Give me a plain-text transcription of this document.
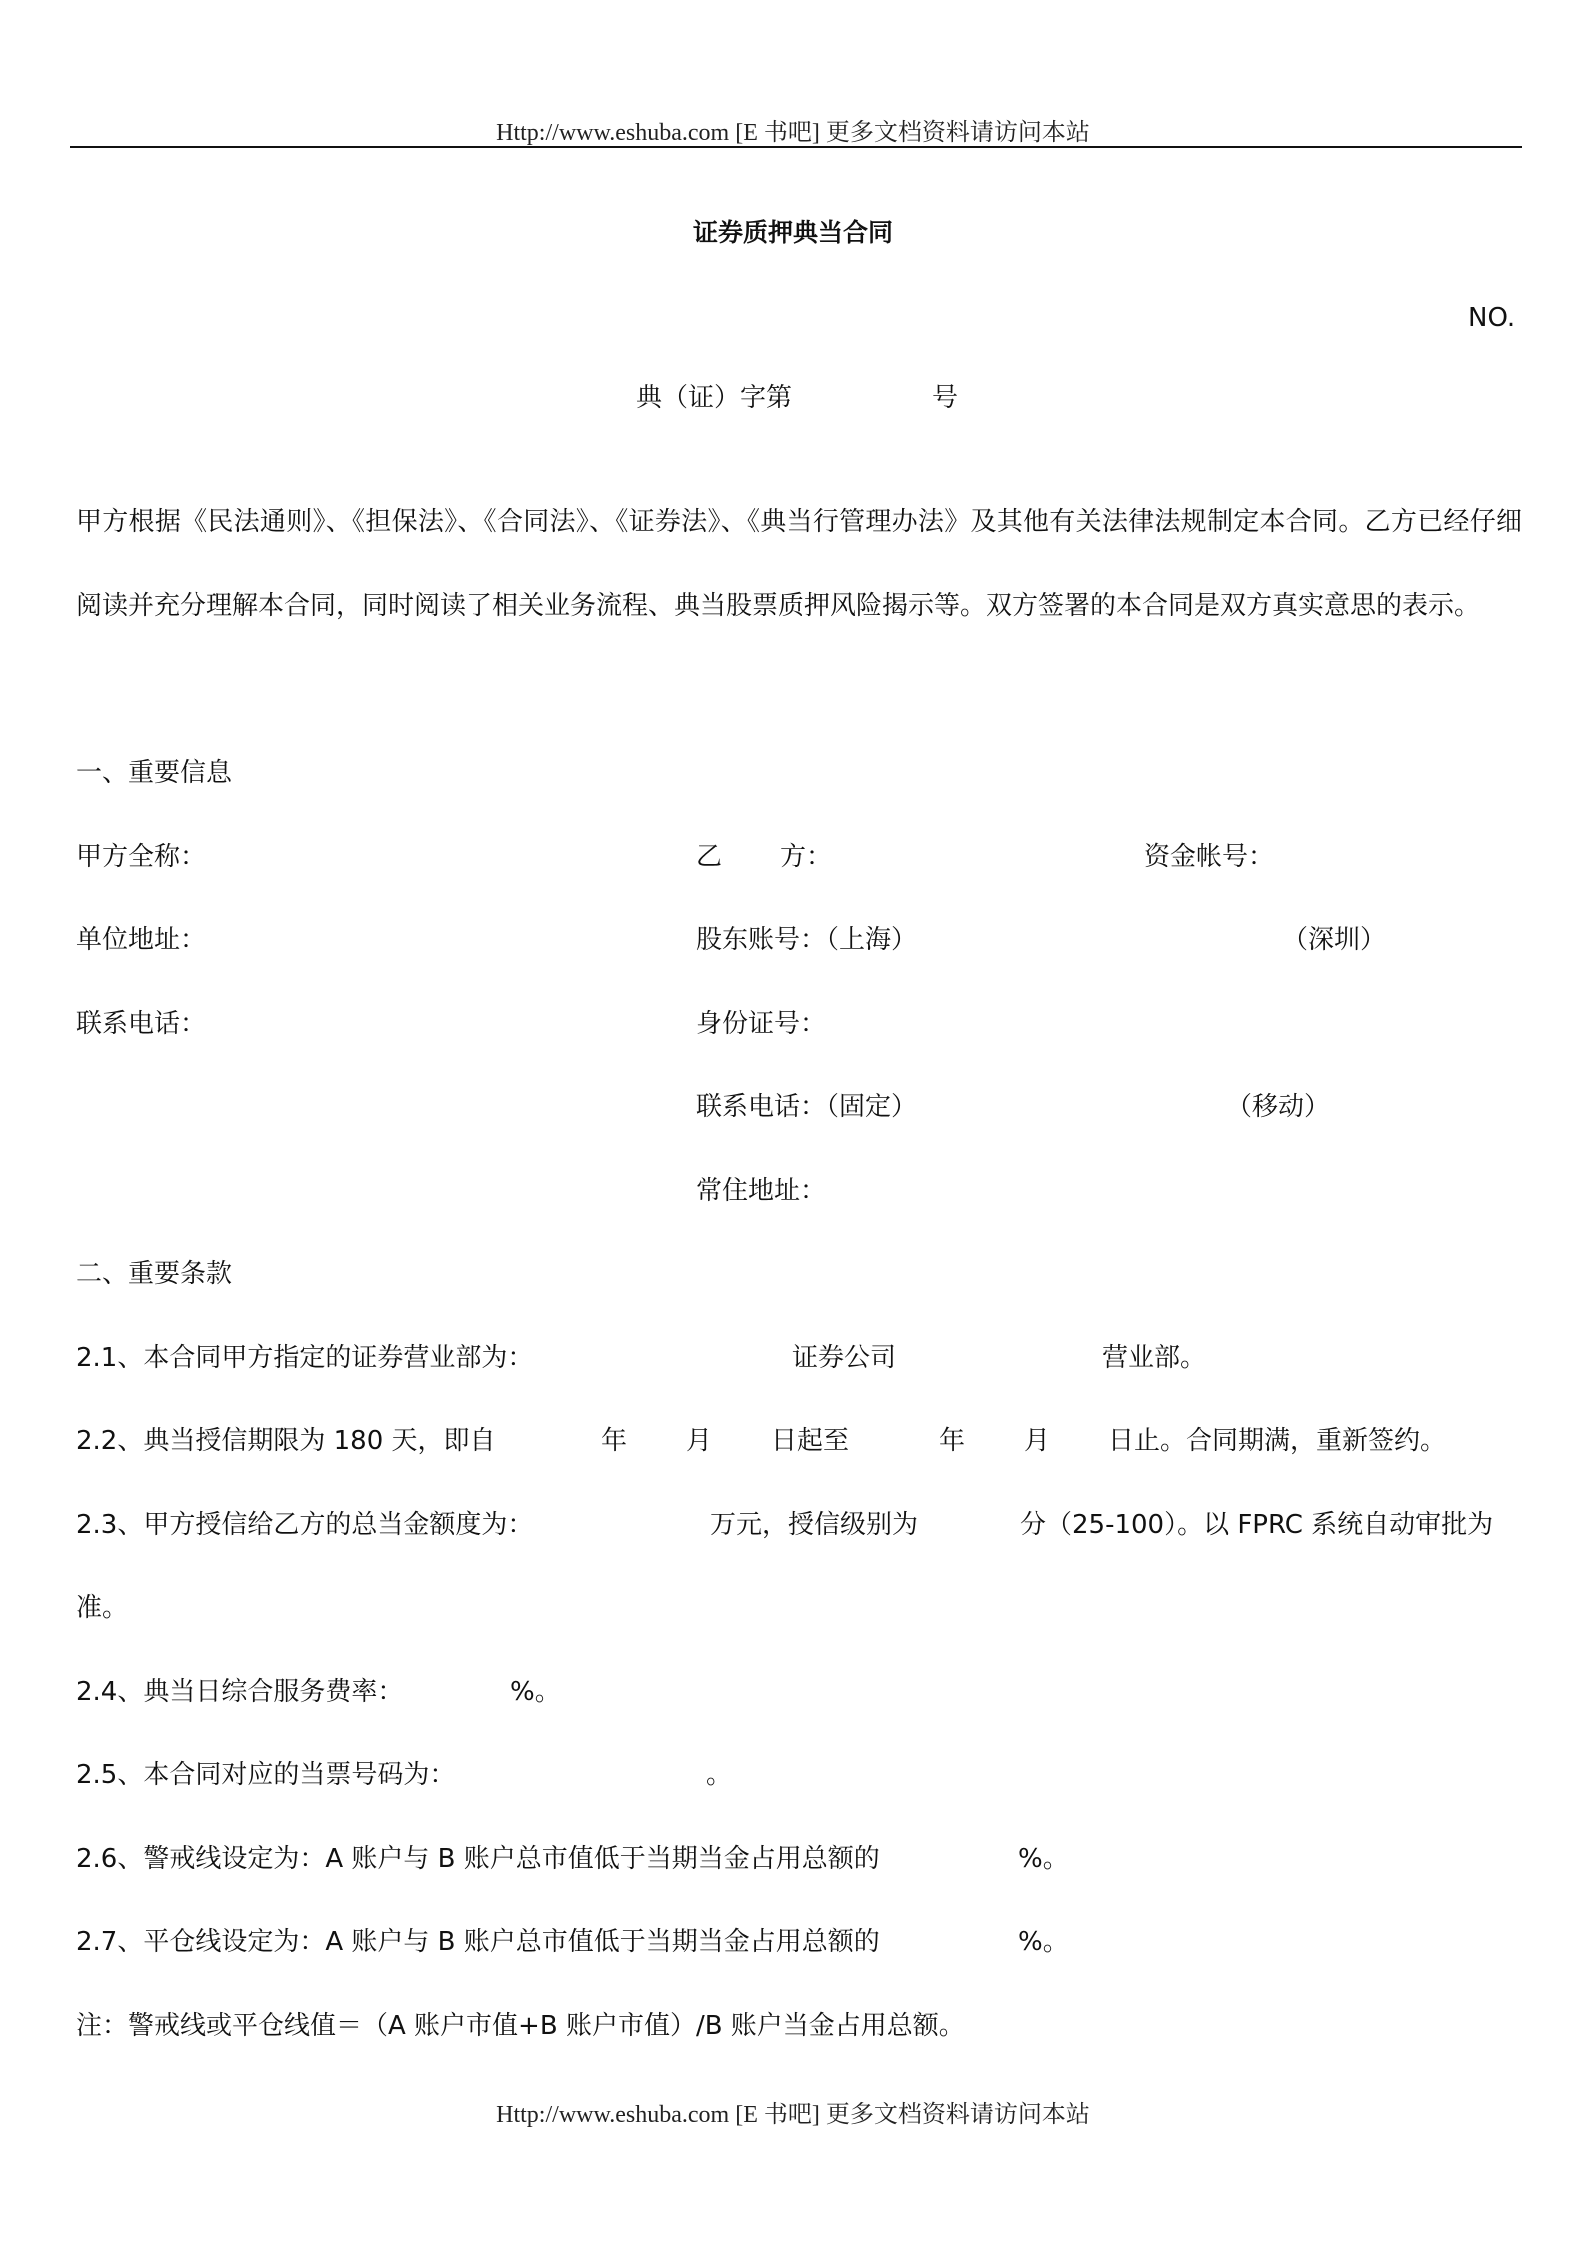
Http://www.eshuba.com [E 书吧] 更多文档资料请访问本站
证券质押典当合同
NO.
典（证）字第	号
甲方根据《民法通则》、《担保法》、《合同法》、《证券法》、《典当行管理办法》及其他有关法律法规制定本合同。乙方已经仔细阅读并充分理解本合同，同时阅读了相关业务流程、典当股票质押风险揭示等。双方签署的本合同是双方真实意思的表示。
一、重要信息
甲方全称：	乙 方：	资金帐号：
单位地址：	股东账号：（上海）	（深圳）
联系电话：	身份证号：
联系电话：（固定）	（移动）
常住地址：
二、重要条款
2.1、本合同甲方指定的证券营业部为：	证券公司	营业部。
2.2、典当授信期限为 180 天，即自	年 月 日起至	年 月 日止。合同期满，重新签约。
2.3、甲方授信给乙方的总当金额度为：	万元，授信级别为	分（25-100）。以 FPRC 系统自动审批为
准。
2.4、典当日综合服务费率：	%。
2.5、本合同对应的当票号码为：	。
2.6、警戒线设定为：A 账户与 B 账户总市值低于当期当金占用总额的	%。
2.7、平仓线设定为：A 账户与 B 账户总市值低于当期当金占用总额的	%。
注：警戒线或平仓线值＝（A 账户市值+B 账户市值）/B 账户当金占用总额。
Http://www.eshuba.com [E 书吧] 更多文档资料请访问本站
